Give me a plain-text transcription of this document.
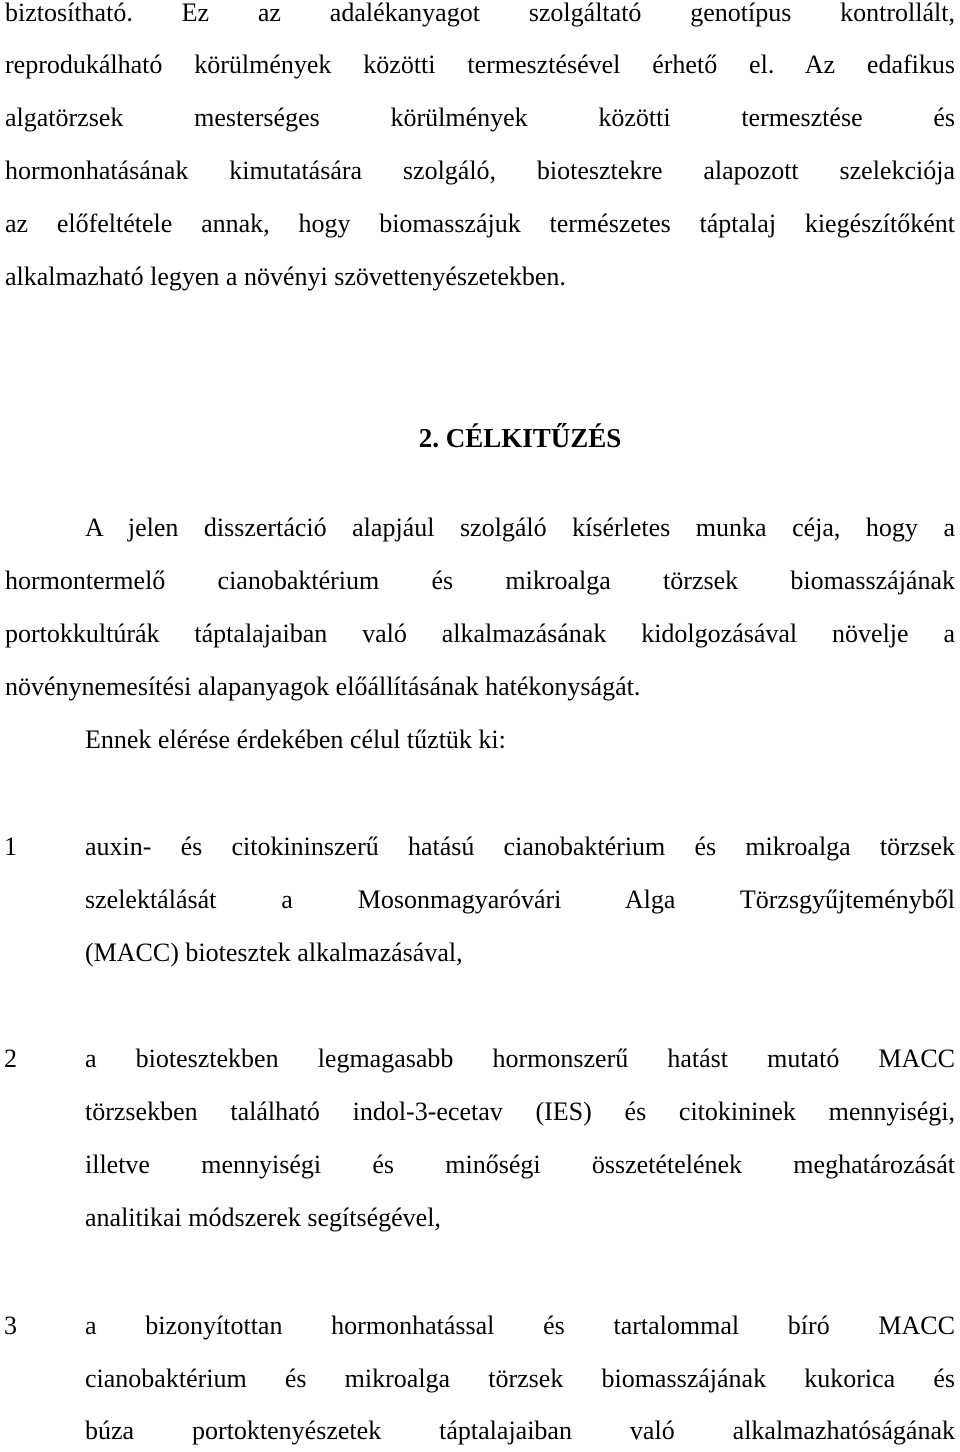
biztosítható. Ez az adalékanyagot szolgáltató genotípus kontrollált,
reprodukálható körülmények közötti termesztésével érhető el. Az edafikus
algatörzsek mesterséges körülmények közötti termesztése és
hormonhatásának kimutatására szolgáló, biotesztekre alapozott szelekciója
az előfeltétele annak, hogy biomasszájuk természetes táptalaj kiegészítőként
alkalmazható legyen a növényi szövettenyészetekben.
2. CÉLKITŰZÉS
A jelen disszertáció alapjául szolgáló kísérletes munka céja, hogy a
hormontermelő cianobaktérium és mikroalga törzsek biomasszájának
portokkultúrák táptalajaiban való alkalmazásának kidolgozásával növelje a
növénynemesítési alapanyagok előállításának hatékonyságát.
Ennek elérése érdekében célul tűztük ki:
1	auxin- és citokininszerű hatású cianobaktérium és mikroalga törzsek
szelektálását a Mosonmagyaróvári Alga Törzsgyűjteményből
(MACC) biotesztek alkalmazásával,
2	a biotesztekben legmagasabb hormonszerű hatást mutató MACC
törzsekben található indol-3-ecetav (IES) és citokininek mennyiségi,
illetve mennyiségi és minőségi összetételének meghatározását
analitikai módszerek segítségével,
3	a bizonyítottan hormonhatással és tartalommal bíró MACC
cianobaktérium és mikroalga törzsek biomasszájának kukorica és
búza portoktenyészetek táptalajaiban való alkalmazhatóságának
